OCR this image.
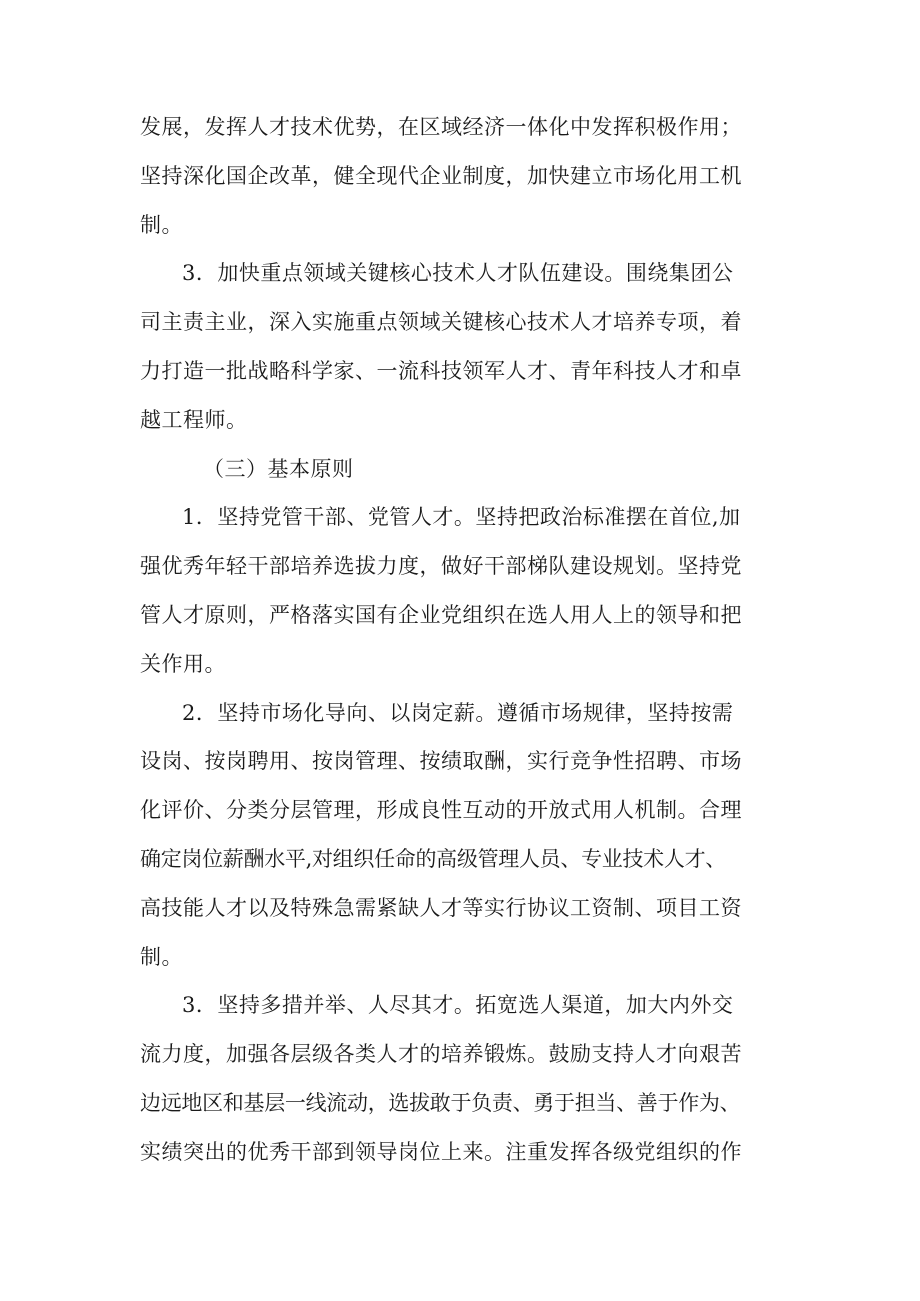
发展，发挥人才技术优势，在区域经济一体化中发挥积极作用；
坚持深化国企改革，健全现代企业制度，加快建立市场化用工机
制。
3．加快重点领域关键核心技术人才队伍建设。围绕集团公
司主责主业，深入实施重点领域关键核心技术人才培养专项，着
力打造一批战略科学家、一流科技领军人才、青年科技人才和卓
越工程师。
（三）基本原则
1．坚持党管干部、党管人才。坚持把政治标准摆在首位,加
强优秀年轻干部培养选拔力度，做好干部梯队建设规划。坚持党
管人才原则，严格落实国有企业党组织在选人用人上的领导和把
关作用。
2．坚持市场化导向、以岗定薪。遵循市场规律，坚持按需
设岗、按岗聘用、按岗管理、按绩取酬，实行竞争性招聘、市场
化评价、分类分层管理，形成良性互动的开放式用人机制。合理
确定岗位薪酬水平,对组织任命的高级管理人员、专业技术人才、
高技能人才以及特殊急需紧缺人才等实行协议工资制、项目工资
制。
3．坚持多措并举、人尽其才。拓宽选人渠道，加大内外交
流力度，加强各层级各类人才的培养锻炼。鼓励支持人才向艰苦
边远地区和基层一线流动，选拔敢于负责、勇于担当、善于作为、
实绩突出的优秀干部到领导岗位上来。注重发挥各级党组织的作
